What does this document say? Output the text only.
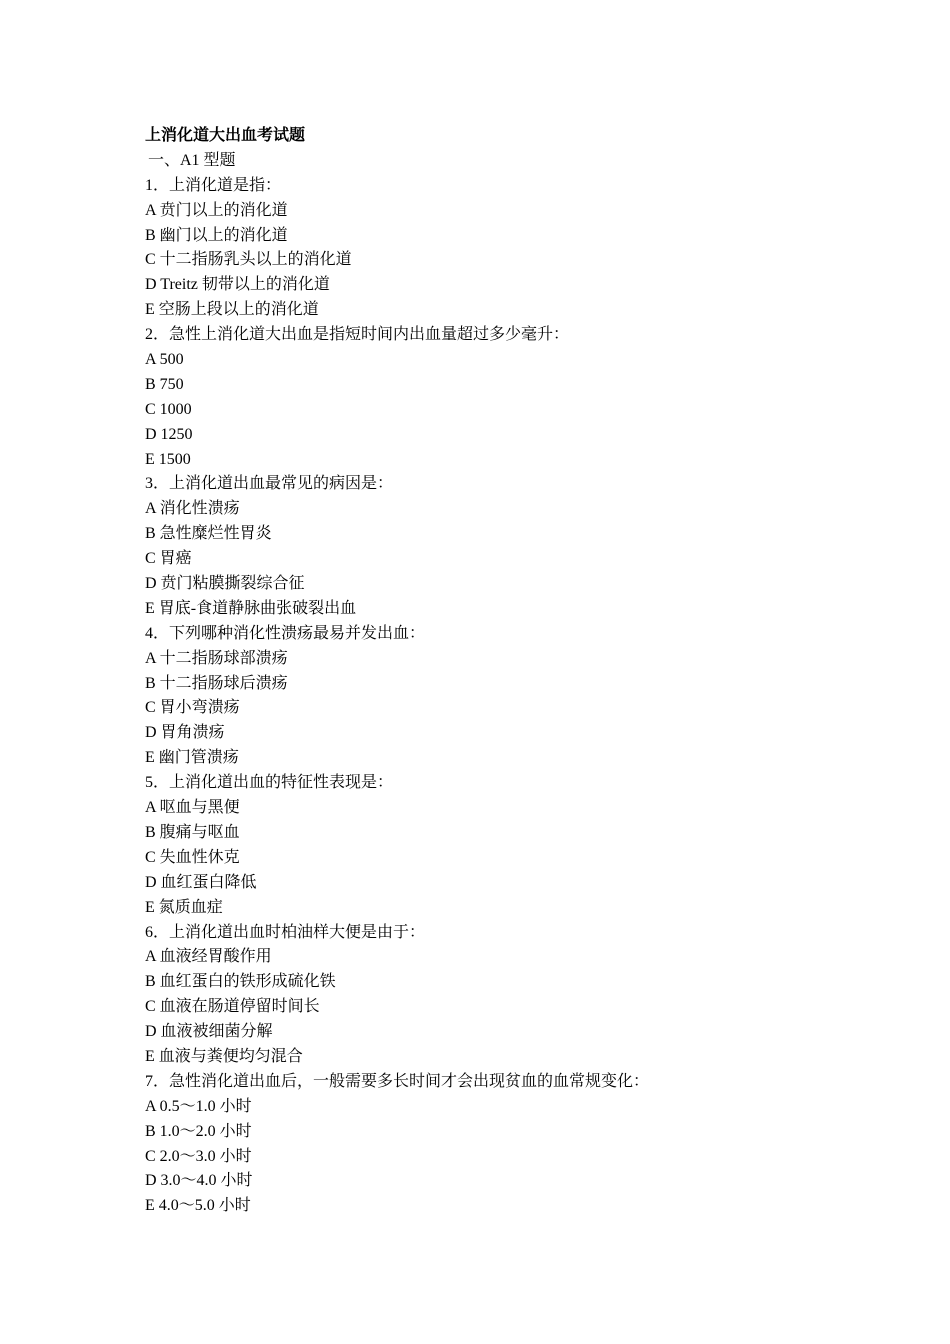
上消化道大出血考试题
一、A1 型题
1．上消化道是指：
A 贲门以上的消化道
B 幽门以上的消化道
C 十二指肠乳头以上的消化道
D Treitz 韧带以上的消化道
E 空肠上段以上的消化道
2．急性上消化道大出血是指短时间内出血量超过多少毫升：
A 500
B 750
C 1000
D 1250
E 1500
3．上消化道出血最常见的病因是：
A 消化性溃疡
B 急性糜烂性胃炎
C 胃癌
D 贲门粘膜撕裂综合征
E 胃底-食道静脉曲张破裂出血
4．下列哪种消化性溃疡最易并发出血：
A 十二指肠球部溃疡
B 十二指肠球后溃疡
C 胃小弯溃疡
D 胃角溃疡
E 幽门管溃疡
5．上消化道出血的特征性表现是：
A 呕血与黑便
B 腹痛与呕血
C 失血性休克
D 血红蛋白降低
E 氮质血症
6．上消化道出血时柏油样大便是由于：
A 血液经胃酸作用
B 血红蛋白的铁形成硫化铁
C 血液在肠道停留时间长
D 血液被细菌分解
E 血液与粪便均匀混合
7．急性消化道出血后，一般需要多长时间才会出现贫血的血常规变化：
A 0.5～1.0 小时
B 1.0～2.0 小时
C 2.0～3.0 小时
D 3.0～4.0 小时
E 4.0～5.0 小时
